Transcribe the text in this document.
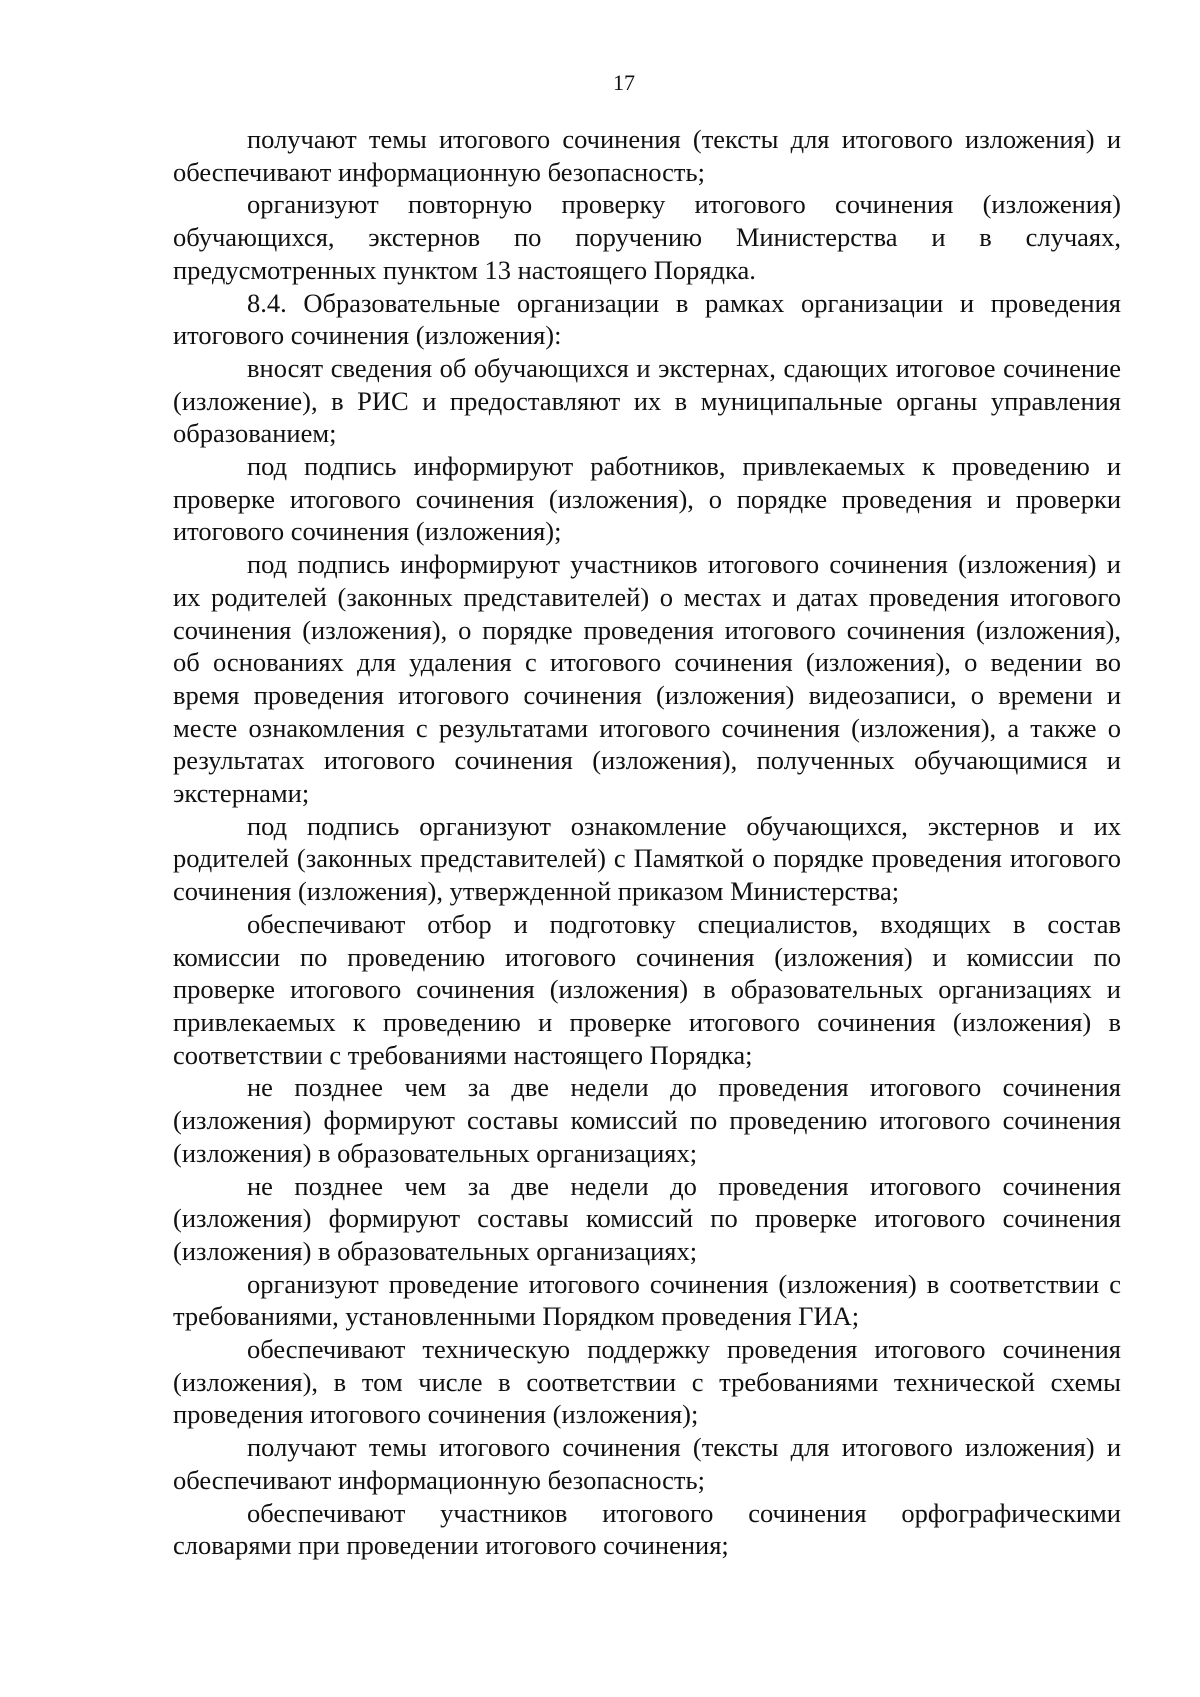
17

получают темы итогового сочинения (тексты для итогового изложения) и обеспечивают информационную безопасность;

организуют повторную проверку итогового сочинения (изложения) обучающихся, экстернов по поручению Министерства и в случаях, предусмотренных пунктом 13 настоящего Порядка.

8.4. Образовательные организации в рамках организации и проведения итогового сочинения (изложения):

вносят сведения об обучающихся и экстернах, сдающих итоговое сочинение (изложение), в РИС и предоставляют их в муниципальные органы управления образованием;

под подпись информируют работников, привлекаемых к проведению и проверке итогового сочинения (изложения), о порядке проведения и проверки итогового сочинения (изложения);

под подпись информируют участников итогового сочинения (изложения) и их родителей (законных представителей) о местах и датах проведения итогового сочинения (изложения), о порядке проведения итогового сочинения (изложения), об основаниях для удаления с итогового сочинения (изложения), о ведении во время проведения итогового сочинения (изложения) видеозаписи, о времени и месте ознакомления с результатами итогового сочинения (изложения), а также о результатах итогового сочинения (изложения), полученных обучающимися и экстернами;

под подпись организуют ознакомление обучающихся, экстернов и их родителей (законных представителей) с Памяткой о порядке проведения итогового сочинения (изложения), утвержденной приказом Министерства;

обеспечивают отбор и подготовку специалистов, входящих в состав комиссии по проведению итогового сочинения (изложения) и комиссии по проверке итогового сочинения (изложения) в образовательных организациях и привлекаемых к проведению и проверке итогового сочинения (изложения) в соответствии с требованиями настоящего Порядка;

не позднее чем за две недели до проведения итогового сочинения (изложения) формируют составы комиссий по проведению итогового сочинения (изложения) в образовательных организациях;

не позднее чем за две недели до проведения итогового сочинения (изложения) формируют составы комиссий по проверке итогового сочинения (изложения) в образовательных организациях;

организуют проведение итогового сочинения (изложения) в соответствии с требованиями, установленными Порядком проведения ГИА;

обеспечивают техническую поддержку проведения итогового сочинения (изложения), в том числе в соответствии с требованиями технической схемы проведения итогового сочинения (изложения);

получают темы итогового сочинения (тексты для итогового изложения) и обеспечивают информационную безопасность;

обеспечивают участников итогового сочинения орфографическими словарями при проведении итогового сочинения;
